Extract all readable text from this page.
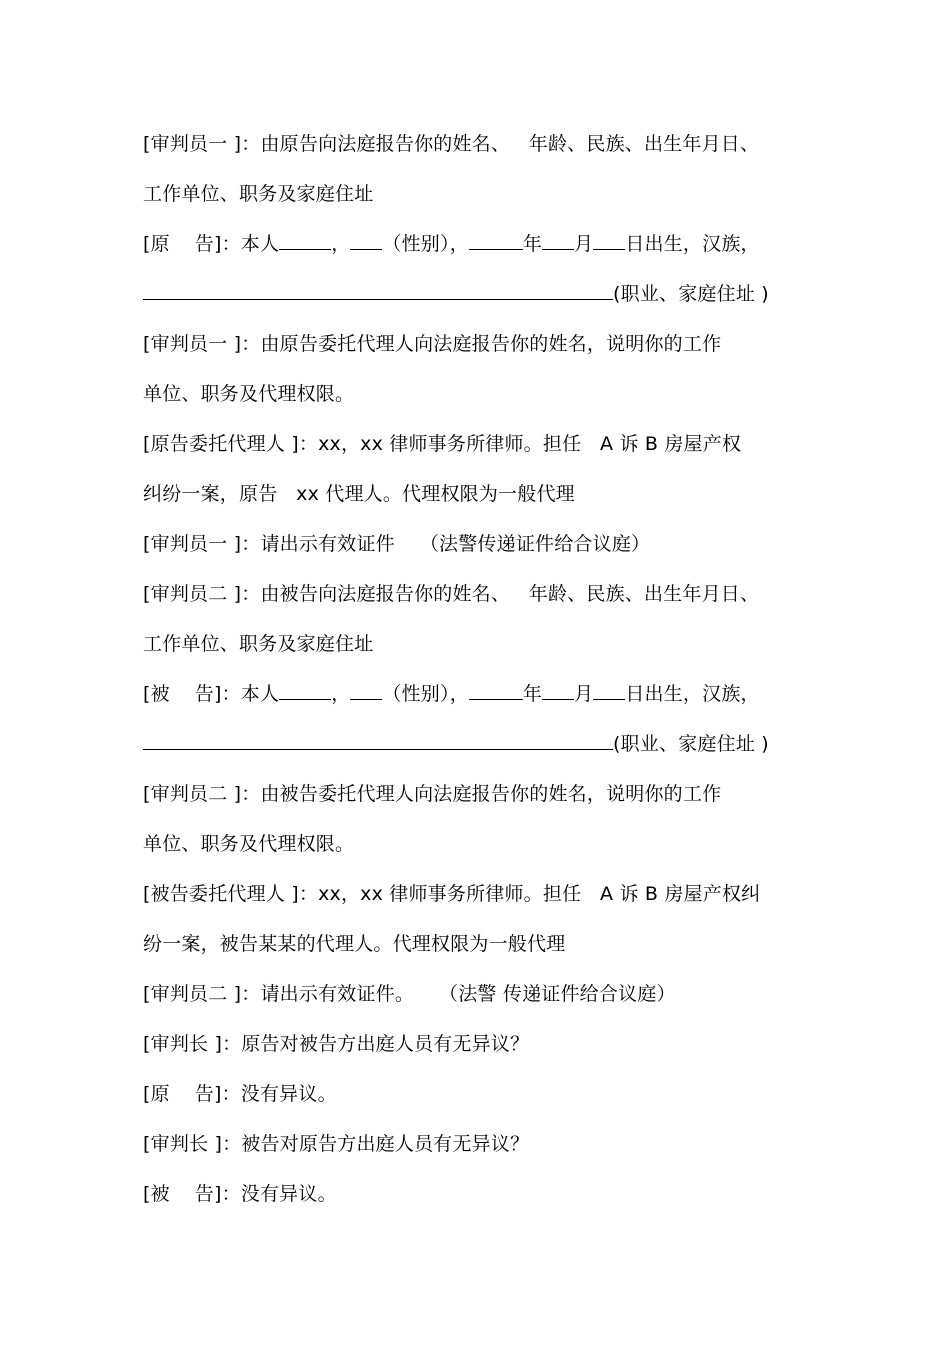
[审判员一 ]：由原告向法庭报告你的姓名、   年龄、民族、出生年月日、
工作单位、职务及家庭住址
[原    告]：本人	， （性别），	年 月 日出生，汉族，
(职业、家庭住址 )
[审判员一 ]：由原告委托代理人向法庭报告你的姓名，说明你的工作
单位、职务及代理权限。
[原告委托代理人 ]：xx，xx 律师事务所律师。担任   A 诉 B 房屋产权
纠纷一案，原告   xx 代理人。代理权限为一般代理
[审判员一 ]：请出示有效证件    （法警传递证件给合议庭）
[审判员二 ]：由被告向法庭报告你的姓名、   年龄、民族、出生年月日、
工作单位、职务及家庭住址
[被    告]：本人	， （性别），	年 月 日出生，汉族，
(职业、家庭住址 )
[审判员二 ]：由被告委托代理人向法庭报告你的姓名，说明你的工作
单位、职务及代理权限。
[被告委托代理人 ]：xx，xx 律师事务所律师。担任   A 诉 B 房屋产权纠
纷一案，被告某某的代理人。代理权限为一般代理
[审判员二 ]：请出示有效证件。    （法警 传递证件给合议庭）
[审判长 ]：原告对被告方出庭人员有无异议？
[原    告]：没有异议。
[审判长 ]：被告对原告方出庭人员有无异议？
[被    告]：没有异议。
